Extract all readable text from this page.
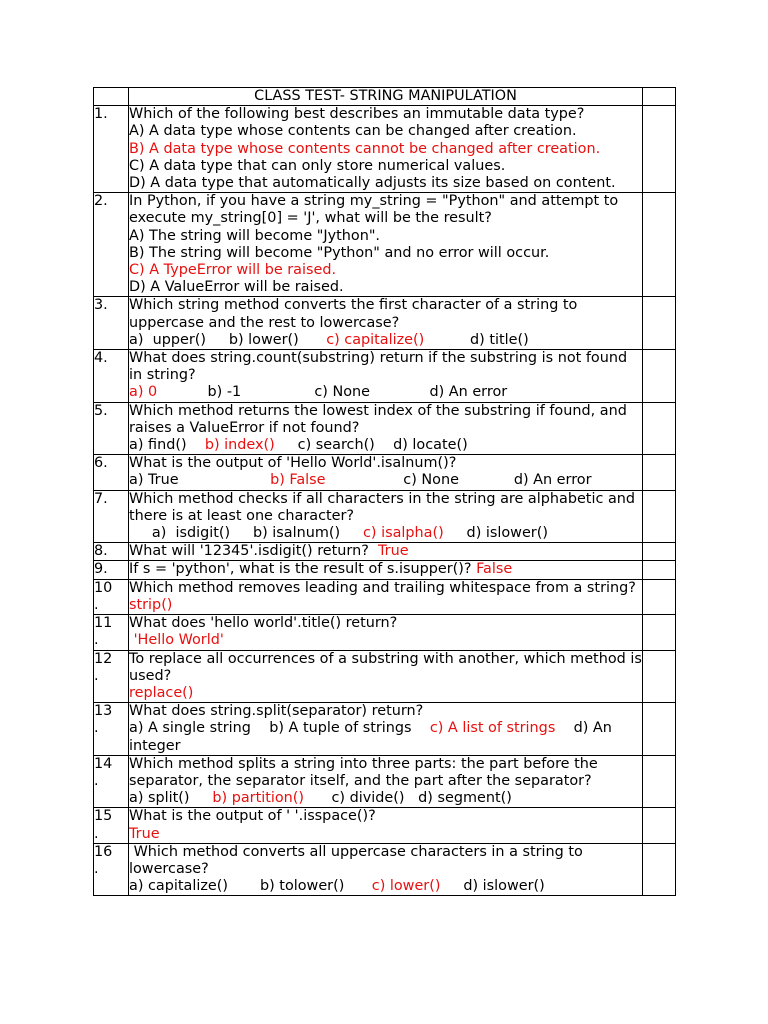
	CLASS TEST- STRING MANIPULATION	
1.	Which of the following best describes an immutable data type?
A) A data type whose contents can be changed after creation.
B) A data type whose contents cannot be changed after creation.
C) A data type that can only store numerical values.
D) A data type that automatically adjusts its size based on content.	

2.	In Python, if you have a string my_string = "Python" and attempt to execute my_string[0] = 'J', what will be the result?
A) The string will become "Jython".
B) The string will become "Python" and no error will occur.
C) A TypeError will be raised.
D) A ValueError will be raised.	

3.	Which string method converts the first character of a string to uppercase and the rest to lowercase?
a)  upper()     b) lower()      c) capitalize()          d) title()	

4.	What does string.count(substring) return if the substring is not found in string?
a) 0           b) -1                c) None             d) An error	

5.	Which method returns the lowest index of the substring if found, and raises a ValueError if not found?
a) find()    b) index()     c) search()    d) locate()	

6.	What is the output of 'Hello World'.isalnum()?
a) True                    b) False                 c) None            d) An error	

7.	Which method checks if all characters in the string are alphabetic and there is at least one character?
a)  isdigit()     b) isalnum()     c) isalpha()     d) islower()	

8.	What will '12345'.isdigit() return?  True	

9.	If s = 'python', what is the result of s.isupper()? False	

10
.	Which method removes leading and trailing whitespace from a string? strip()	

11
.	What does 'hello world'.title() return?
'Hello World'	

12
.	To replace all occurrences of a substring with another, which method is used?
replace()	

13
.	What does string.split(separator) return?
a) A single string    b) A tuple of strings    c) A list of strings    d) An integer	

14
.	Which method splits a string into three parts: the part before the separator, the separator itself, and the part after the separator?
a) split()     b) partition()      c) divide()   d) segment()	

15
.	What is the output of ' '.isspace()?
True	

16
.	Which method converts all uppercase characters in a string to lowercase?
a) capitalize()       b) tolower()      c) lower()     d) islower()	
